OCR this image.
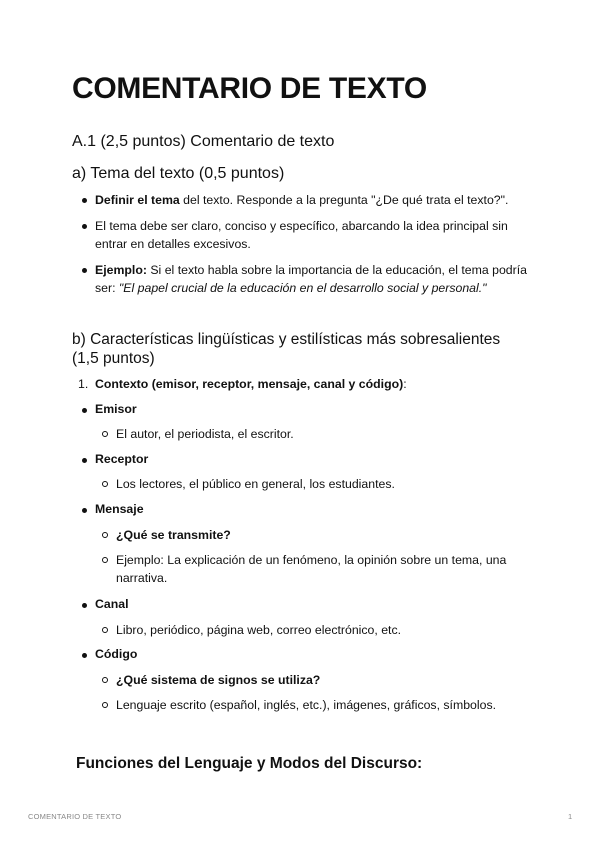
COMENTARIO DE TEXTO
A.1 (2,5 puntos) Comentario de texto
a) Tema del texto (0,5 puntos)
Definir el tema del texto. Responde a la pregunta "¿De qué trata el texto?".
El tema debe ser claro, conciso y específico, abarcando la idea principal sin entrar en detalles excesivos.
Ejemplo: Si el texto habla sobre la importancia de la educación, el tema podría ser: "El papel crucial de la educación en el desarrollo social y personal."
b) Características lingüísticas y estilísticas más sobresalientes
(1,5 puntos)
1. Contexto (emisor, receptor, mensaje, canal y código):
Emisor
El autor, el periodista, el escritor.
Receptor
Los lectores, el público en general, los estudiantes.
Mensaje
¿Qué se transmite?
Ejemplo: La explicación de un fenómeno, la opinión sobre un tema, una narrativa.
Canal
Libro, periódico, página web, correo electrónico, etc.
Código
¿Qué sistema de signos se utiliza?
Lenguaje escrito (español, inglés, etc.), imágenes, gráficos, símbolos.
Funciones del Lenguaje y Modos del Discurso:
COMENTARIO DE TEXTO	1
